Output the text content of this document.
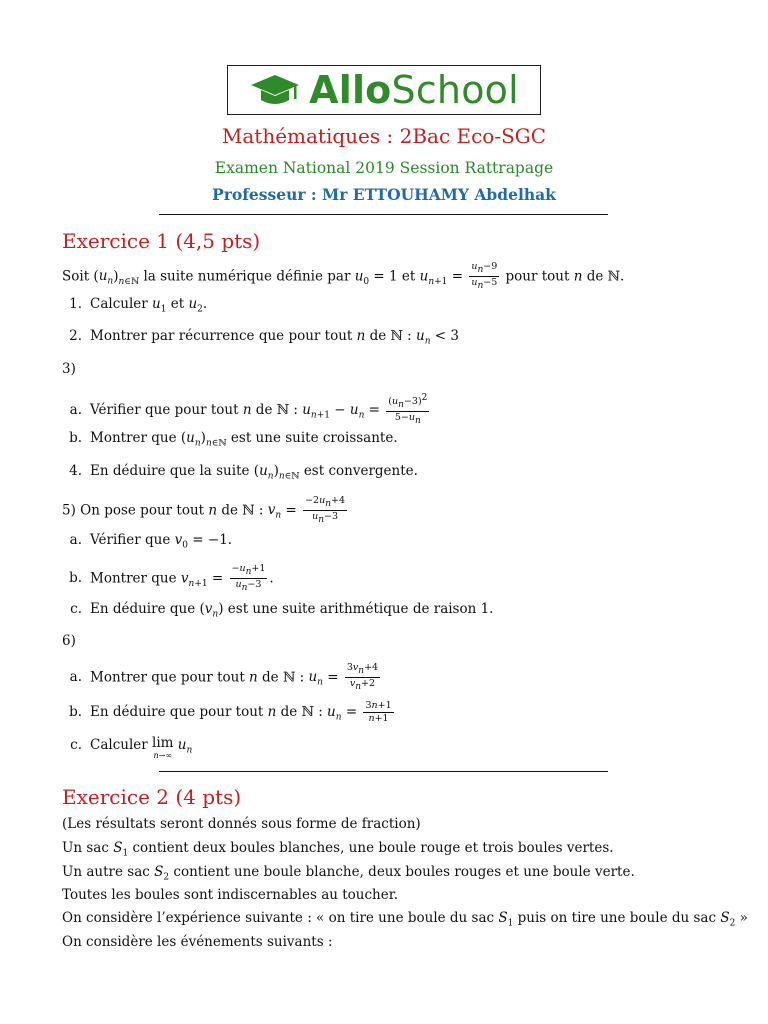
AlloSchool
Mathématiques : 2Bac Eco-SGC
Examen National 2019 Session Rattrapage
Professeur : Mr ETTOUHAMY Abdelhak
Exercice 1 (4,5 pts)
Soit $(u_n)_{n\in ℕ}$ la suite numérique définie par $u_0 = 1$ et $u_{n+1} = \frac{u_n-9}{u_n-5}$ pour tout n de ℕ.
1. Calculer $u_1$ et $u_2$.
2. Montrer par récurrence que pour tout n de ℕ : $u_n < 3$
3)
a. Vérifier que pour tout n de ℕ : $u_{n+1} - u_n = \frac{(u_n-3)^2}{5-u_n}$
b. Montrer que $(u_n)_{n\in ℕ}$ est une suite croissante.
4. En déduire que la suite $(u_n)_{n\in ℕ}$ est convergente.
5) On pose pour tout n de ℕ : $v_n = \frac{-2u_n+4}{u_n-3}$
a. Vérifier que $v_0 = -1$.
b. Montrer que $v_{n+1} = \frac{-u_n+1}{u_n-3}$ .
c. En déduire que $(v_n)$ est une suite arithmétique de raison 1.
6)
a. Montrer que pour tout n de ℕ : $u_n = \frac{3v_n+4}{v_n+2}$
b. En déduire que pour tout n de ℕ : $u_n = \frac{3n+1}{n+1}$
c. Calculer lim
n→∞
$u_n$
Exercice 2 (4 pts)
(Les résultats seront donnés sous forme de fraction)
Un sac $S_1$ contient deux boules blanches, une boule rouge et trois boules vertes.
Un autre sac $S_2$ contient une boule blanche, deux boules rouges et une boule verte.
Toutes les boules sont indiscernables au toucher.
On considère l’expérience suivante : « on tire une boule du sac $S_1$ puis on tire une boule du sac $S_2$ »
On considère les événements suivants :
